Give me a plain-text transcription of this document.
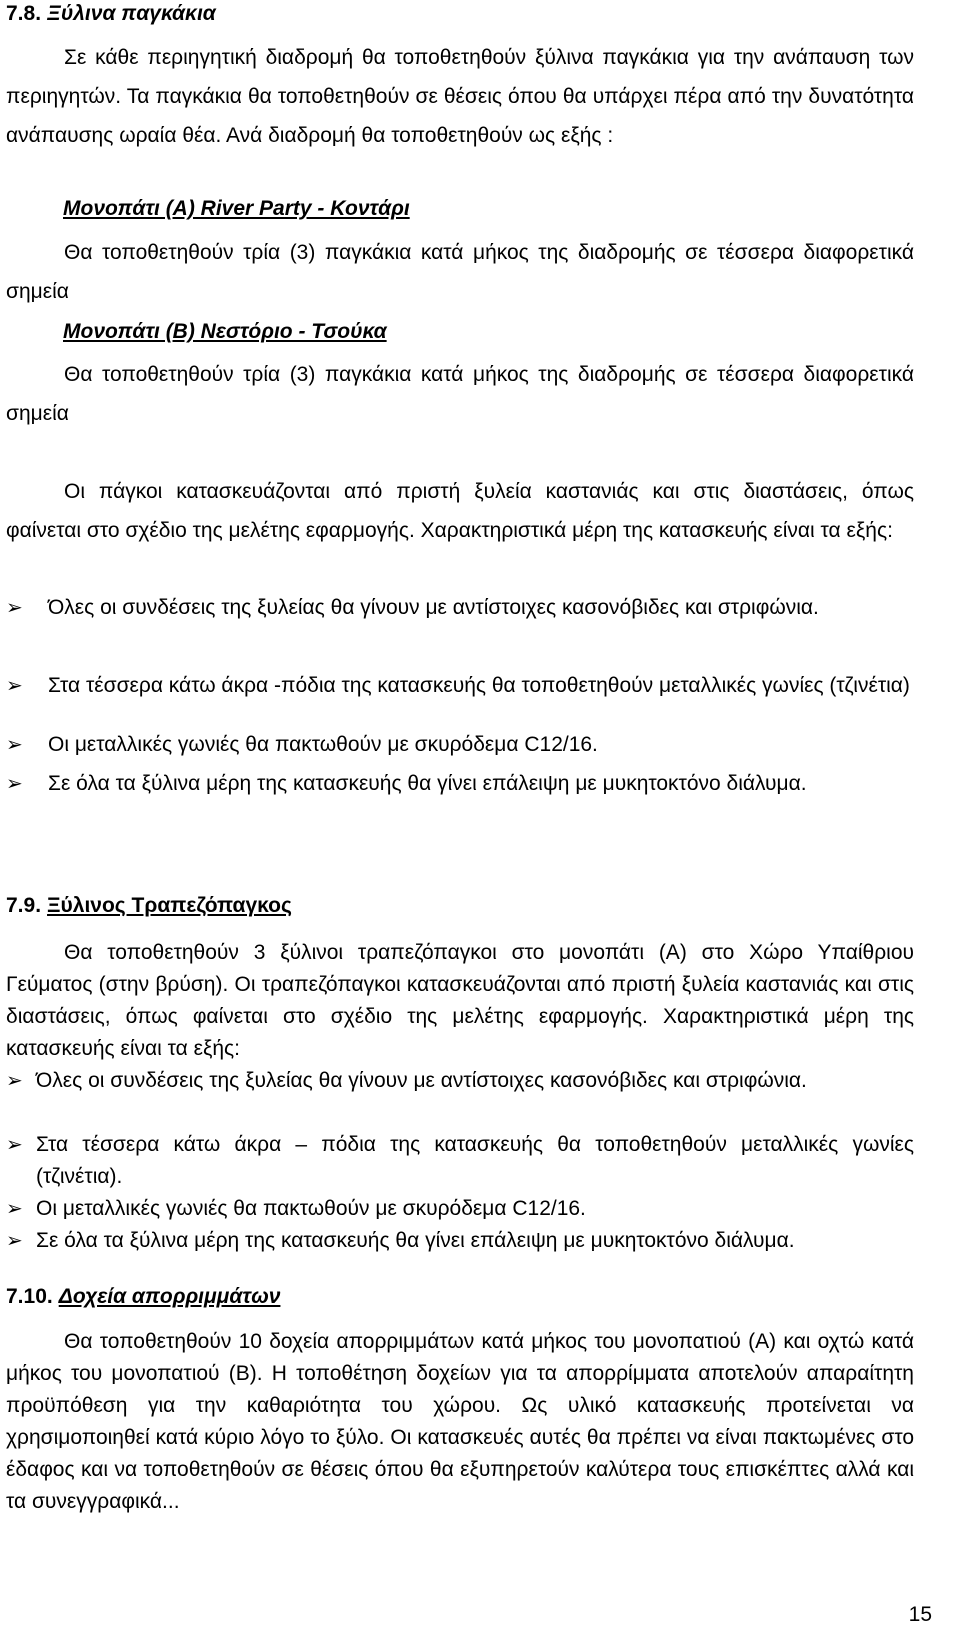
7.8. Ξύλινα παγκάκια
Σε κάθε περιηγητική διαδρομή θα τοποθετηθούν ξύλινα παγκάκια για την ανάπαυση των περιηγητών. Τα παγκάκια θα τοποθετηθούν σε θέσεις όπου θα υπάρχει πέρα από την δυνατότητα ανάπαυσης ωραία θέα. Ανά διαδρομή θα τοποθετηθούν ως εξής :
Μονοπάτι (Α) River Party - Κοντάρι
Θα τοποθετηθούν τρία (3) παγκάκια κατά μήκος της διαδρομής σε τέσσερα διαφορετικά σημεία
Μονοπάτι (Β) Νεστόριο - Τσούκα
Θα τοποθετηθούν τρία (3) παγκάκια κατά μήκος της διαδρομής σε τέσσερα διαφορετικά σημεία
Οι πάγκοι κατασκευάζονται από πριστή ξυλεία καστανιάς και στις διαστάσεις, όπως φαίνεται στο σχέδιο της μελέτης εφαρμογής. Χαρακτηριστικά μέρη της κατασκευής είναι τα εξής:
➢ Όλες οι συνδέσεις της ξυλείας θα γίνουν με αντίστοιχες κασονόβιδες και στριφώνια.
➢ Στα τέσσερα κάτω άκρα -πόδια της κατασκευής θα τοποθετηθούν μεταλλικές γωνίες (τζινέτια)
➢ Οι μεταλλικές γωνιές θα πακτωθούν με σκυρόδεμα C12/16.
➢ Σε όλα τα ξύλινα μέρη της κατασκευής θα γίνει επάλειψη με μυκητοκτόνο διάλυμα.
7.9. Ξύλινος Τραπεζόπαγκος
Θα τοποθετηθούν 3 ξύλινοι τραπεζόπαγκοι στο μονοπάτι (Α) στο Χώρο Υπαίθριου Γεύματος (στην βρύση). Οι τραπεζόπαγκοι κατασκευάζονται από πριστή ξυλεία καστανιάς και στις διαστάσεις, όπως φαίνεται στο σχέδιο της μελέτης εφαρμογής. Χαρακτηριστικά μέρη της κατασκευής είναι τα εξής:
➢ Όλες οι συνδέσεις της ξυλείας θα γίνουν με αντίστοιχες κασονόβιδες και στριφώνια.
➢ Στα τέσσερα κάτω άκρα – πόδια της κατασκευής θα τοποθετηθούν μεταλλικές γωνίες (τζινέτια).
➢ Οι μεταλλικές γωνιές θα πακτωθούν με σκυρόδεμα C12/16.
➢ Σε όλα τα ξύλινα μέρη της κατασκευής θα γίνει επάλειψη με μυκητοκτόνο διάλυμα.
7.10. Δοχεία απορριμμάτων
Θα τοποθετηθούν 10 δοχεία απορριμμάτων κατά μήκος του μονοπατιού (Α) και οχτώ κατά μήκος του μονοπατιού (Β). Η τοποθέτηση δοχείων για τα απορρίμματα αποτελούν απαραίτητη προϋπόθεση για την καθαριότητα του χώρου. Ως υλικό κατασκευής προτείνεται να χρησιμοποιηθεί κατά κύριο λόγο το ξύλο. Οι κατασκευές αυτές θα πρέπει να είναι πακτωμένες στο έδαφος και να τοποθετηθούν σε θέσεις όπου θα εξυπηρετούν καλύτερα τους επισκέπτες αλλά και τα συνεγγραφικά...
15
